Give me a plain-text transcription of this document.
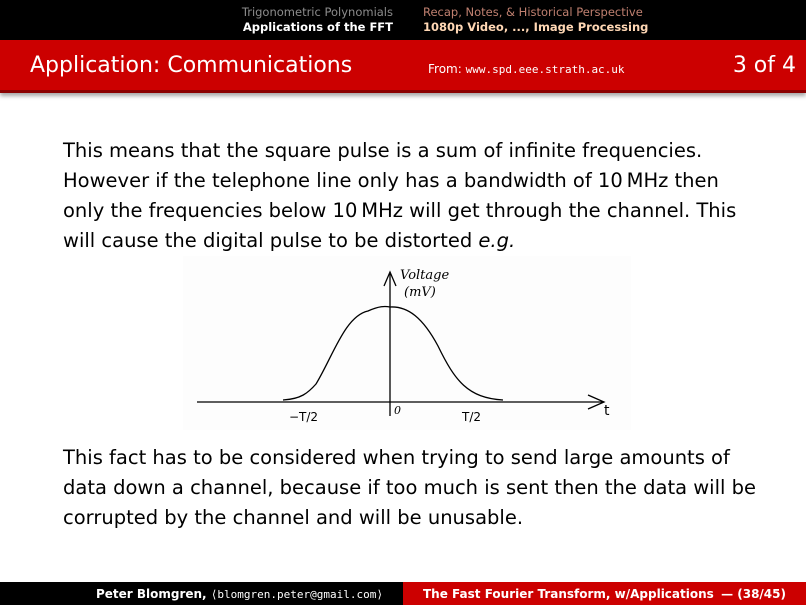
Trigonometric Polynomials
Applications of the FFT
Recap, Notes, & Historical Perspective
1080p Video, ..., Image Processing
Application: Communications	From: www.spd.eee.strath.ac.uk	3 of 4
This means that the square pulse is a sum of infinite frequencies. However if the telephone line only has a bandwidth of 10 MHz then only the frequencies below 10 MHz will get through the channel. This will cause the digital pulse to be distorted e.g.
Voltage
(mV)
t
−T/2	0	T/2
This fact has to be considered when trying to send large amounts of data down a channel, because if too much is sent then the data will be corrupted by the channel and will be unusable.
Peter Blomgren, ⟨blomgren.peter@gmail.com⟩	The Fast Fourier Transform, w/Applications — (38/45)
